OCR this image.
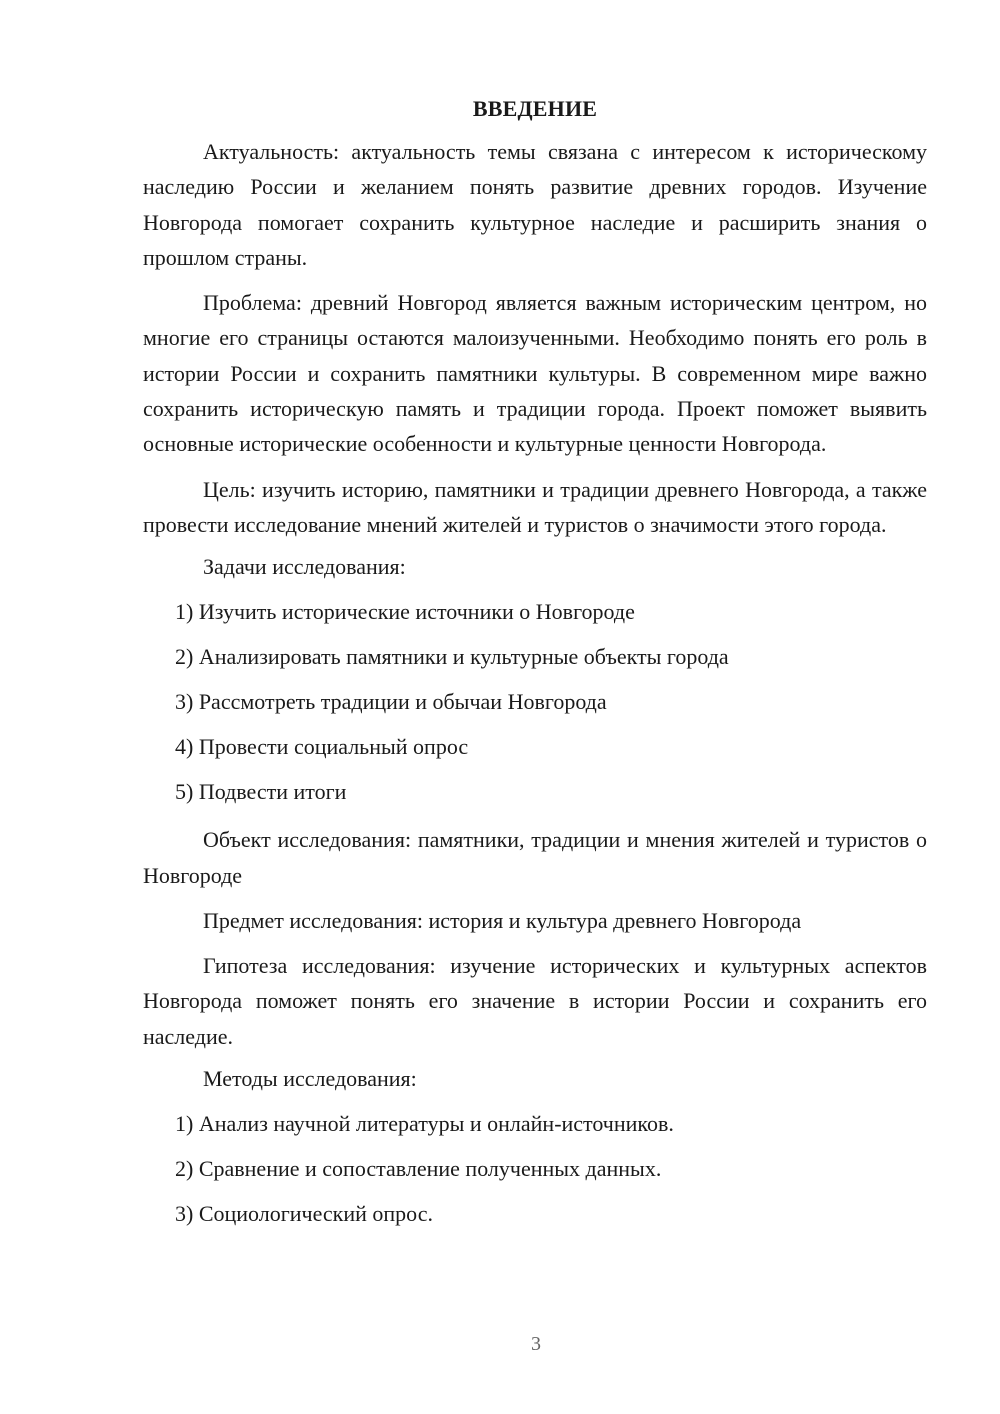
ВВЕДЕНИЕ

Актуальность: актуальность темы связана с интересом к историческому наследию России и желанием понять развитие древних городов. Изучение Новгорода помогает сохранить культурное наследие и расширить знания о прошлом страны.

Проблема: древний Новгород является важным историческим центром, но многие его страницы остаются малоизученными. Необходимо понять его роль в истории России и сохранить памятники культуры. В современном мире важно сохранить историческую память и традиции города. Проект поможет выявить основные исторические особенности и культурные ценности Новгорода.

Цель: изучить историю, памятники и традиции древнего Новгорода, а также провести исследование мнений жителей и туристов о значимости этого города.

Задачи исследования:
1) Изучить исторические источники о Новгороде
2) Анализировать памятники и культурные объекты города
3) Рассмотреть традиции и обычаи Новгорода
4) Провести социальный опрос
5) Подвести итоги

Объект исследования: памятники, традиции и мнения жителей и туристов о Новгороде

Предмет исследования: история и культура древнего Новгорода

Гипотеза исследования: изучение исторических и культурных аспектов Новгорода поможет понять его значение в истории России и сохранить его наследие.

Методы исследования:
1) Анализ научной литературы и онлайн-источников.
2) Сравнение и сопоставление полученных данных.
3) Социологический опрос.
3
